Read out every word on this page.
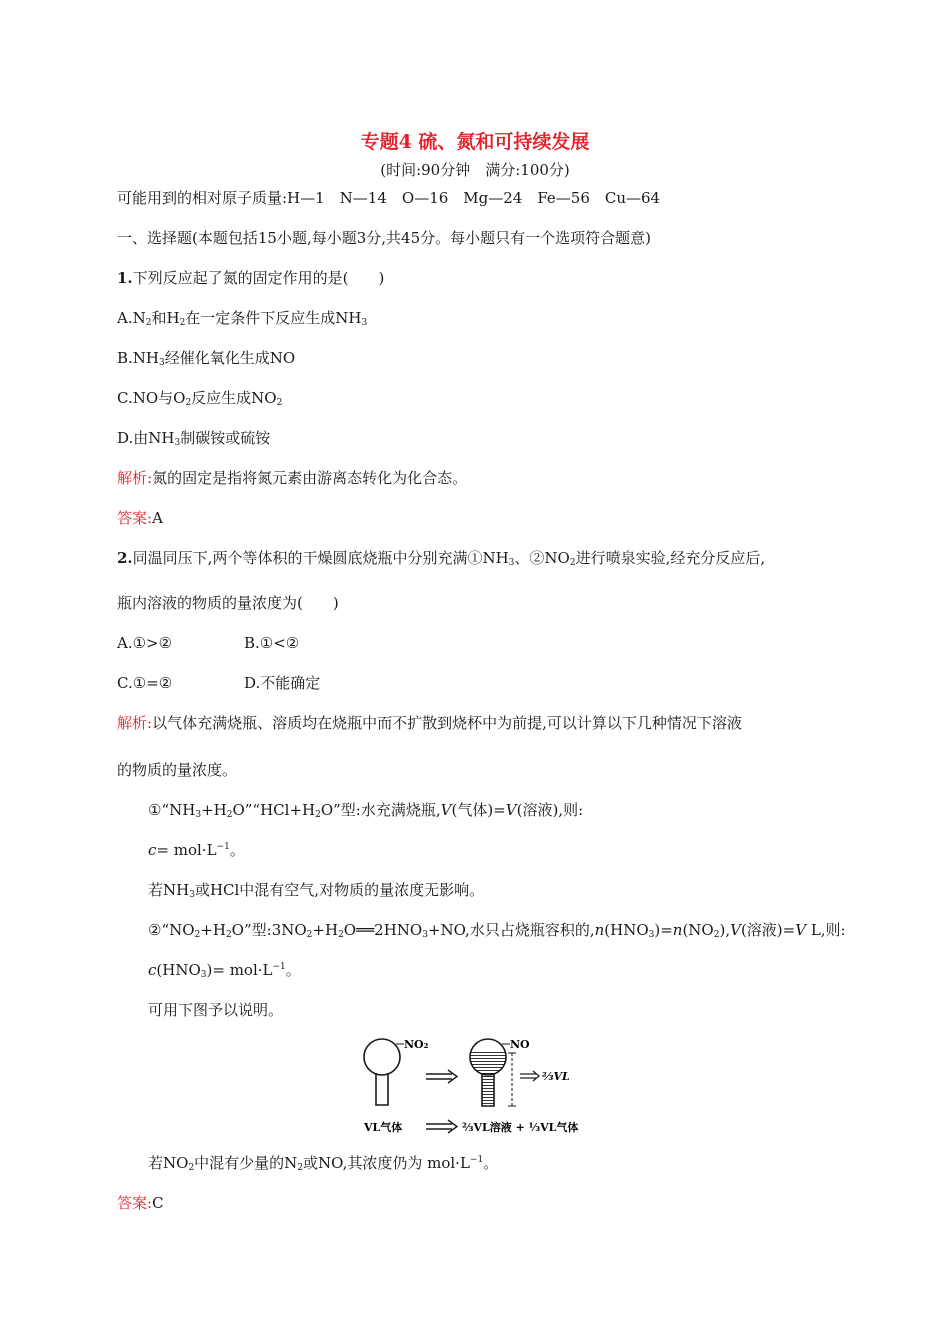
专题4 硫、氮和可持续发展
(时间:90分钟　满分:100分)
可能用到的相对原子质量:H—1　N—14　O—16　Mg—24　Fe—56　Cu—64
一、选择题(本题包括15小题,每小题3分,共45分。每小题只有一个选项符合题意)
1.下列反应起了氮的固定作用的是(　　)
$A.N_2$和$H_2$在一定条件下反应生成$NH_3$
$B.NH_3$经催化氧化生成NO
C.NO与$O_2$反应生成$NO_2$
D.由$NH_3$制碳铵或硫铵
解析:氮的固定是指将氮元素由游离态转化为化合态。
答案:A
2.同温同压下,两个等体积的干燥圆底烧瓶中分别充满$①NH_3$、$②NO_2$进行喷泉实验,经充分反应后,
瓶内溶液的物质的量浓度为(　　)
A.①>②	B.①<②
C.①=②	D.不能确定
解析:以气体充满烧瓶、溶质均在烧瓶中而不扩散到烧杯中为前提,可以计算以下几种情况下溶液
的物质的量浓度。
$①“NH_3+H_2O”“HCl+H_2O$”型:水充满烧瓶,V(气体)=V(溶液),则:
$c= mol\cdot L^{-1}$。
若$NH_3$或HCl中混有空气,对物质的量浓度无影响。
$②“NO_2+H_2O$”型$:3NO_2+H_2O══2HNO_3+NO$,水只占烧瓶容积的$,n(HNO_3)=n(NO_2),V$(溶液)=V L,则:
$c(HNO_3)= mol\cdot L^{-1}$。
可用下图予以说明。
NO₂	NO
²⁄₃VL
VL气体	²⁄₃VL溶液 + ¹⁄₃VL气体
若$NO_2$中混有少量的$N_2$或NO,其浓度仍为 $mol\cdot L^{-1}$。
答案:C
